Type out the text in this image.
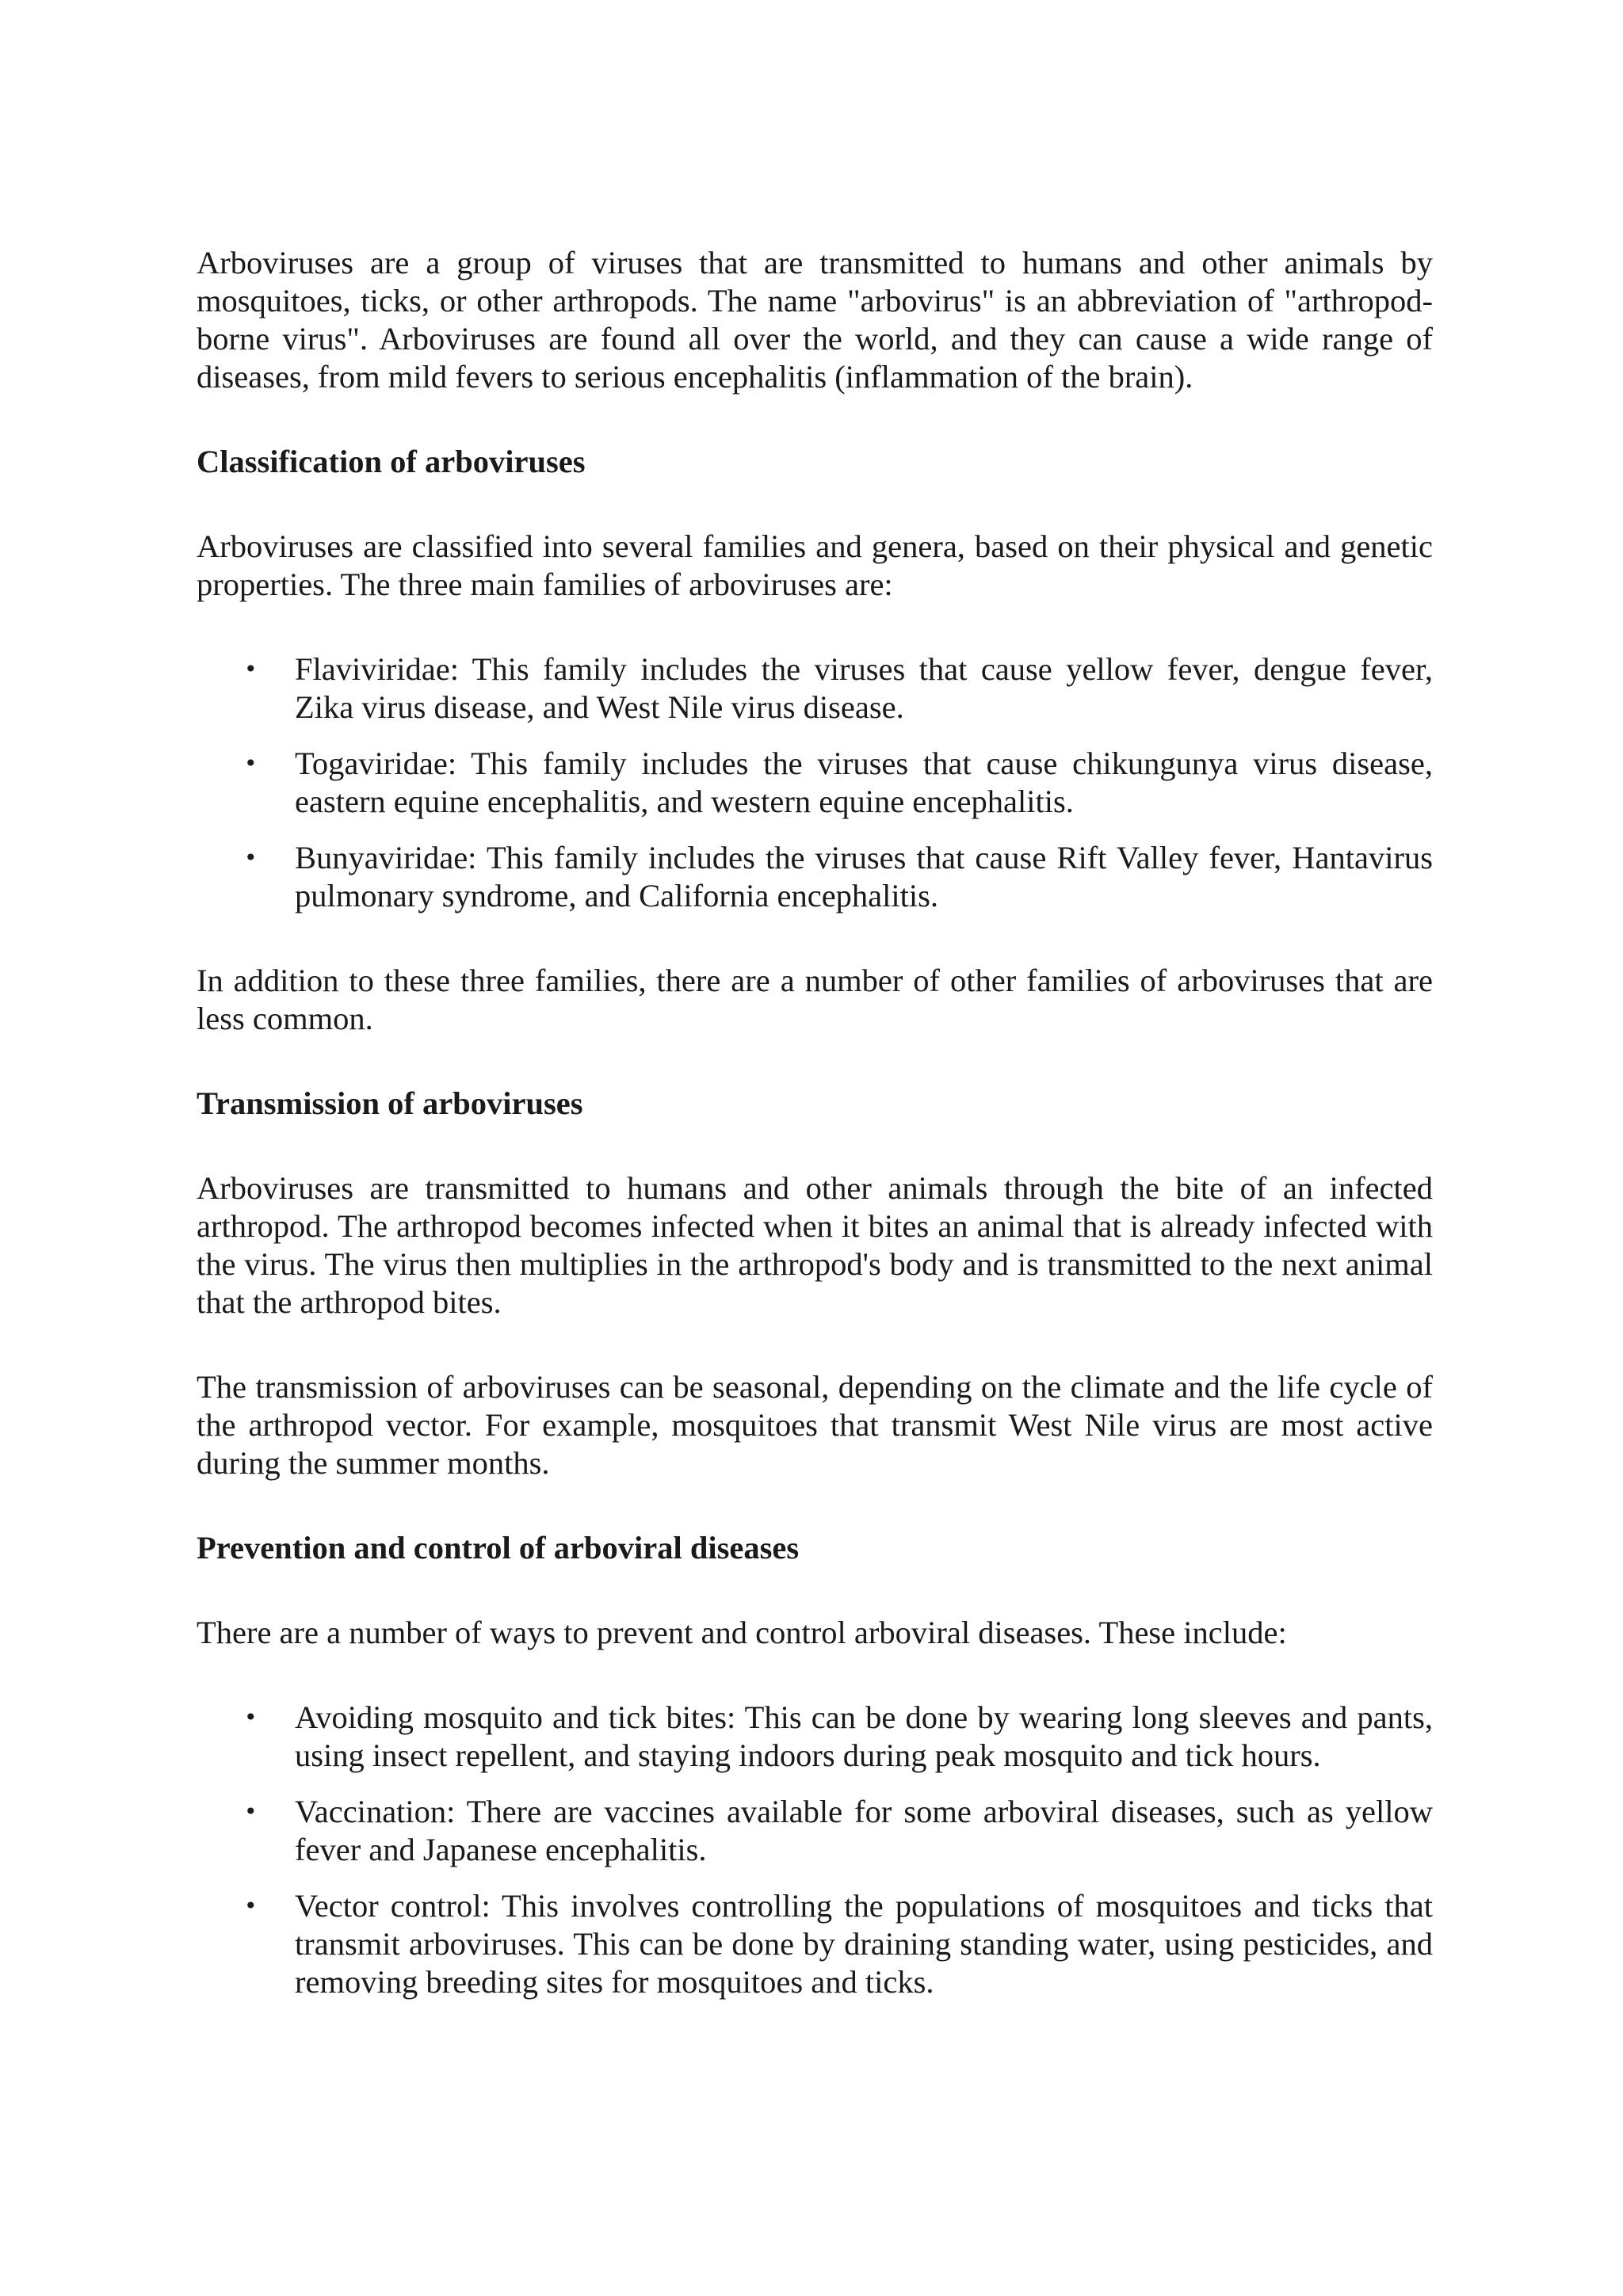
Arboviruses are a group of viruses that are transmitted to humans and other animals by mosquitoes, ticks, or other arthropods. The name "arbovirus" is an abbreviation of "arthropod-borne virus". Arboviruses are found all over the world, and they can cause a wide range of diseases, from mild fevers to serious encephalitis (inflammation of the brain).

Classification of arboviruses

Arboviruses are classified into several families and genera, based on their physical and genetic properties. The three main families of arboviruses are:

• Flaviviridae: This family includes the viruses that cause yellow fever, dengue fever, Zika virus disease, and West Nile virus disease.
• Togaviridae: This family includes the viruses that cause chikungunya virus disease, eastern equine encephalitis, and western equine encephalitis.
• Bunyaviridae: This family includes the viruses that cause Rift Valley fever, Hantavirus pulmonary syndrome, and California encephalitis.

In addition to these three families, there are a number of other families of arboviruses that are less common.

Transmission of arboviruses

Arboviruses are transmitted to humans and other animals through the bite of an infected arthropod. The arthropod becomes infected when it bites an animal that is already infected with the virus. The virus then multiplies in the arthropod's body and is transmitted to the next animal that the arthropod bites.

The transmission of arboviruses can be seasonal, depending on the climate and the life cycle of the arthropod vector. For example, mosquitoes that transmit West Nile virus are most active during the summer months.

Prevention and control of arboviral diseases

There are a number of ways to prevent and control arboviral diseases. These include:

• Avoiding mosquito and tick bites: This can be done by wearing long sleeves and pants, using insect repellent, and staying indoors during peak mosquito and tick hours.
• Vaccination: There are vaccines available for some arboviral diseases, such as yellow fever and Japanese encephalitis.
• Vector control: This involves controlling the populations of mosquitoes and ticks that transmit arboviruses. This can be done by draining standing water, using pesticides, and removing breeding sites for mosquitoes and ticks.
